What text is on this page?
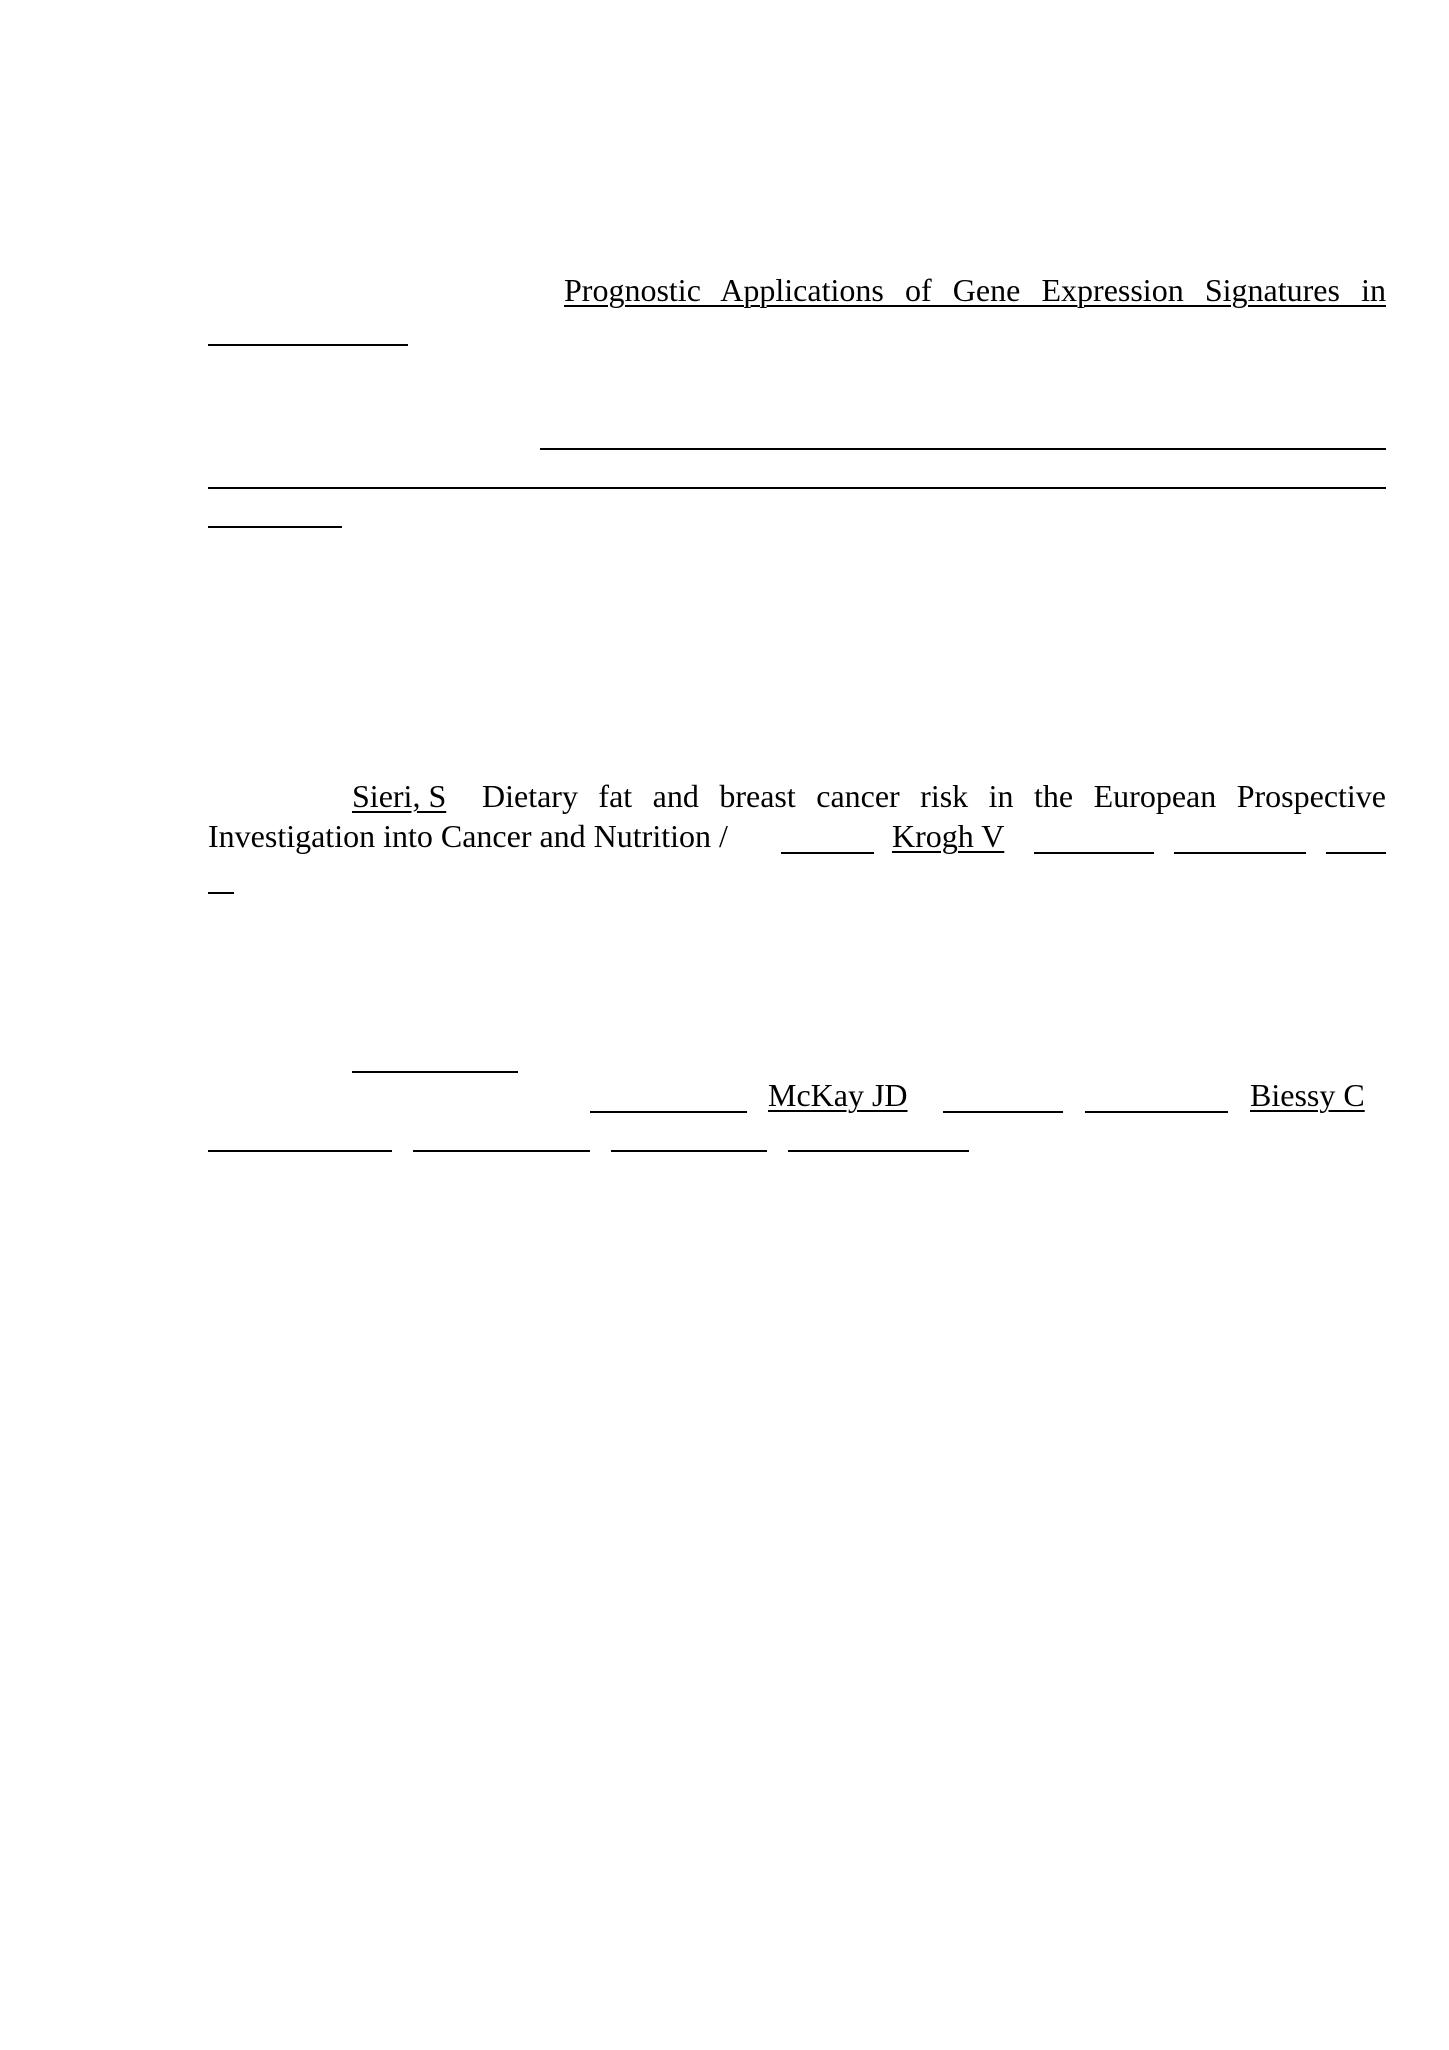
Prognostic Applications of Gene Expression Signatures in
Sieri, S Dietary fat and breast cancer risk in the European Prospective
Investigation into Cancer and Nutrition /	Krogh V
McKay JD	Biessy C
